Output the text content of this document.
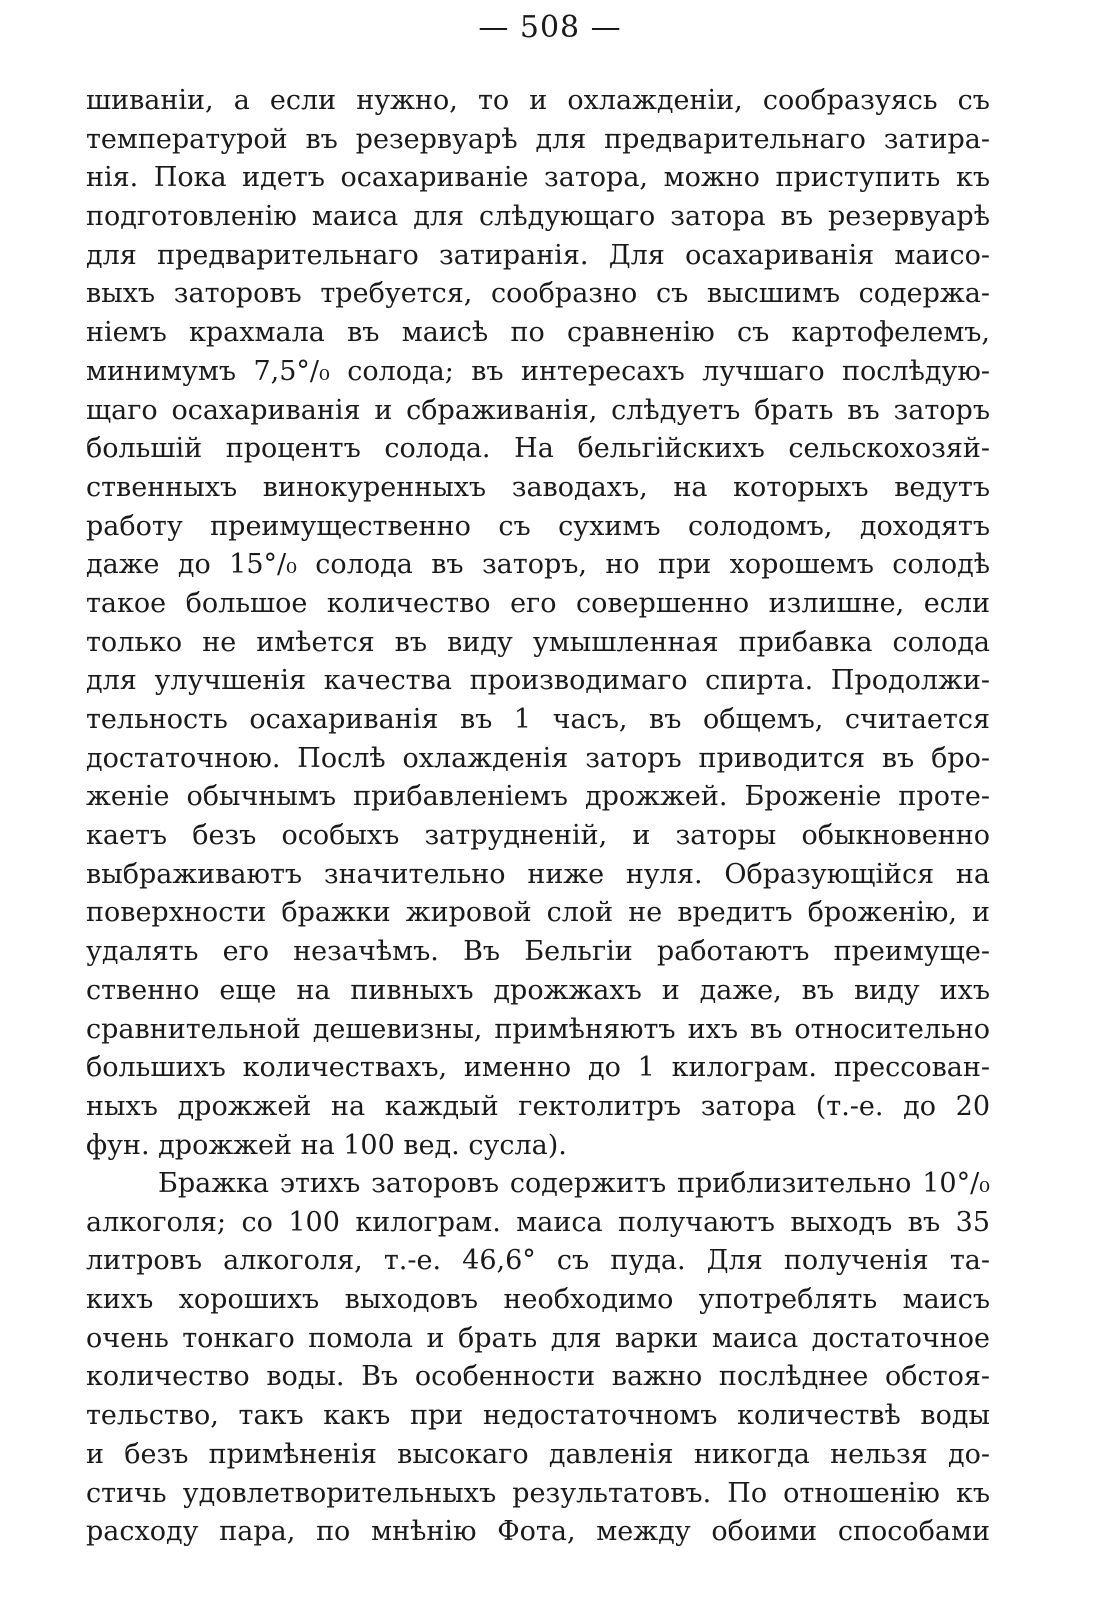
— 508 —
шиваніи, а если нужно, то и охлажденіи, сообразуясь съ
температурой въ резервуарѣ для предварительнаго затира-
нія. Пока идетъ осахариваніе затора, можно приступить къ
подготовленію маиса для слѣдующаго затора въ резервуарѣ
для предварительнаго затиранія. Для осахариванія маисо-
выхъ заторовъ требуется, сообразно съ высшимъ содержа-
ніемъ крахмала въ маисѣ по сравненію съ картофелемъ,
минимумъ 7,5°/₀ солода; въ интересахъ лучшаго послѣдую-
щаго осахариванія и сбраживанія, слѣдуетъ брать въ заторъ
большій процентъ солода. На бельгійскихъ сельскохозяй-
ственныхъ винокуренныхъ заводахъ, на которыхъ ведутъ
работу преимущественно съ сухимъ солодомъ, доходятъ
даже до 15°/₀ солода въ заторъ, но при хорошемъ солодѣ
такое большое количество его совершенно излишне, если
только не имѣется въ виду умышленная прибавка солода
для улучшенія качества производимаго спирта. Продолжи-
тельность осахариванія въ 1 часъ, въ общемъ, считается
достаточною. Послѣ охлажденія заторъ приводится въ бро-
женіе обычнымъ прибавленіемъ дрожжей. Броженіе проте-
каетъ безъ особыхъ затрудненій, и заторы обыкновенно
выбраживаютъ значительно ниже нуля. Образующійся на
поверхности бражки жировой слой не вредитъ броженію, и
удалять его незачѣмъ. Въ Бельгіи работаютъ преимуще-
ственно еще на пивныхъ дрожжахъ и даже, въ виду ихъ
сравнительной дешевизны, примѣняютъ ихъ въ относительно
большихъ количествахъ, именно до 1 килограм. прессован-
ныхъ дрожжей на каждый гектолитръ затора (т.-е. до 20
фун. дрожжей на 100 вед. сусла).
Бражка этихъ заторовъ содержитъ приблизительно 10°/₀
алкоголя; со 100 килограм. маиса получаютъ выходъ въ 35
литровъ алкоголя, т.-е. 46,6° съ пуда. Для полученія та-
кихъ хорошихъ выходовъ необходимо употреблять маисъ
очень тонкаго помола и брать для варки маиса достаточное
количество воды. Въ особенности важно послѣднее обстоя-
тельство, такъ какъ при недостаточномъ количествѣ воды
и безъ примѣненія высокаго давленія никогда нельзя до-
стичь удовлетворительныхъ результатовъ. По отношенію къ
расходу пара, по мнѣнію Фота, между обоими способами
